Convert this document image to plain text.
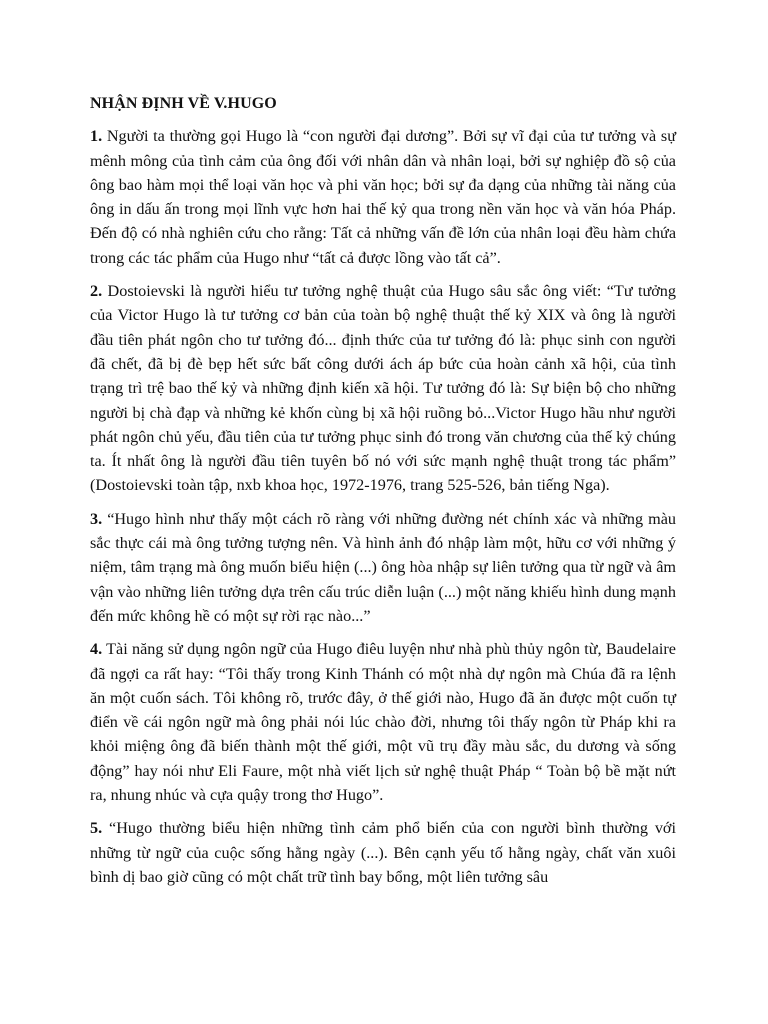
NHẬN ĐỊNH VỀ V.HUGO

1. Người ta thường gọi Hugo là “con người đại dương”. Bởi sự vĩ đại của tư tưởng và sự mênh mông của tình cảm của ông đối với nhân dân và nhân loại, bởi sự nghiệp đồ sộ của ông bao hàm mọi thể loại văn học và phi văn học; bởi sự đa dạng của những tài năng của ông in dấu ấn trong mọi lĩnh vực hơn hai thế kỷ qua trong nền văn học và văn hóa Pháp. Đến độ có nhà nghiên cứu cho rằng: Tất cả những vấn đề lớn của nhân loại đều hàm chứa trong các tác phẩm của Hugo như “tất cả được lồng vào tất cả”.

2. Dostoievski là người hiểu tư tưởng nghệ thuật của Hugo sâu sắc ông viết: “Tư tưởng của Victor Hugo là tư tưởng cơ bản của toàn bộ nghệ thuật thế kỷ XIX và ông là người đầu tiên phát ngôn cho tư tưởng đó... định thức của tư tưởng đó là: phục sinh con người đã chết, đã bị đè bẹp hết sức bất công dưới ách áp bức của hoàn cảnh xã hội, của tình trạng trì trệ bao thế kỷ và những định kiến xã hội. Tư tưởng đó là: Sự biện bộ cho những người bị chà đạp và những kẻ khốn cùng bị xã hội ruồng bỏ...Victor Hugo hầu như người phát ngôn chủ yếu, đầu tiên của tư tưởng phục sinh đó trong văn chương của thế kỷ chúng ta. Ít nhất ông là người đầu tiên tuyên bố nó với sức mạnh nghệ thuật trong tác phẩm” (Dostoievski toàn tập, nxb khoa học, 1972-1976, trang 525-526, bản tiếng Nga).

3. “Hugo hình như thấy một cách rõ ràng với những đường nét chính xác và những màu sắc thực cái mà ông tưởng tượng nên. Và hình ảnh đó nhập làm một, hữu cơ với những ý niệm, tâm trạng mà ông muốn biểu hiện (...) ông hòa nhập sự liên tưởng qua từ ngữ và âm vận vào những liên tưởng dựa trên cấu trúc diễn luận (...) một năng khiếu hình dung mạnh đến mức không hề có một sự rời rạc nào...”

4. Tài năng sử dụng ngôn ngữ của Hugo điêu luyện như nhà phù thủy ngôn từ, Baudelaire đã ngợi ca rất hay: “Tôi thấy trong Kinh Thánh có một nhà dự ngôn mà Chúa đã ra lệnh ăn một cuốn sách. Tôi không rõ, trước đây, ở thế giới nào, Hugo đã ăn được một cuốn tự điển về cái ngôn ngữ mà ông phải nói lúc chào đời, nhưng tôi thấy ngôn từ Pháp khi ra khỏi miệng ông đã biến thành một thế giới, một vũ trụ đầy màu sắc, du dương và sống động” hay nói như Eli Faure, một nhà viết lịch sử nghệ thuật Pháp “ Toàn bộ bề mặt nứt ra, nhung nhúc và cựa quậy trong thơ Hugo”.

5. “Hugo thường biểu hiện những tình cảm phổ biến của con người bình thường với những từ ngữ của cuộc sống hằng ngày (...). Bên cạnh yếu tố hằng ngày, chất văn xuôi bình dị bao giờ cũng có một chất trữ tình bay bổng, một liên tưởng sâu
